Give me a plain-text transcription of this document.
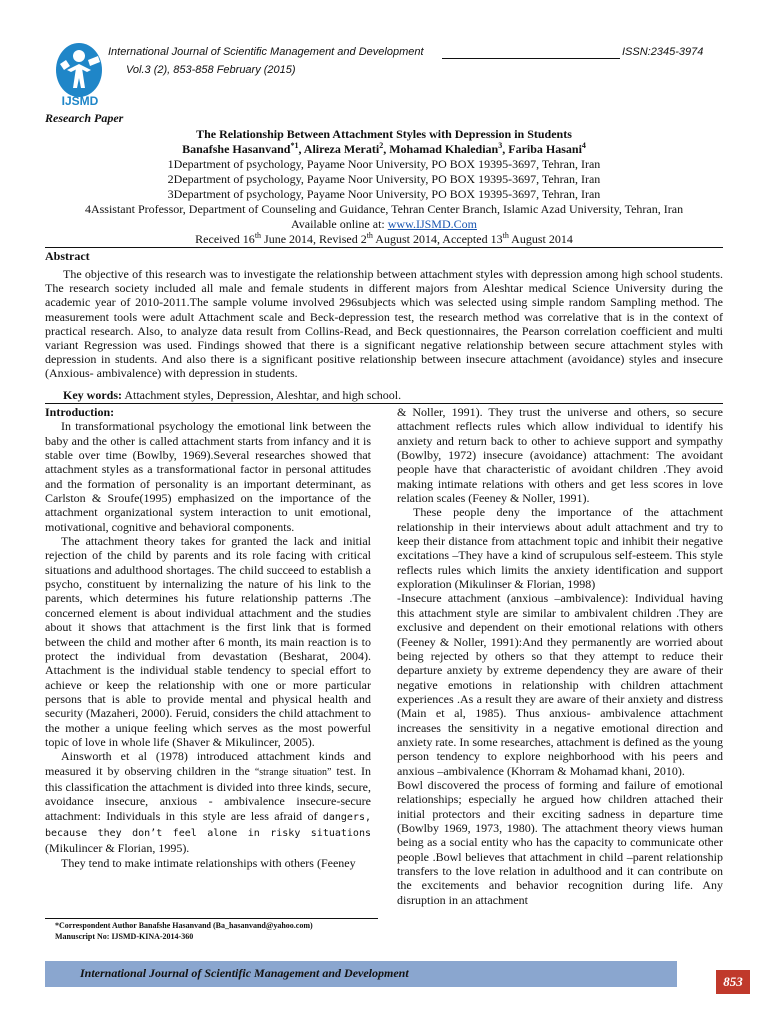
IJSMD
International Journal of Scientific Management and Development	ISSN:2345-3974
Vol.3 (2), 853-858 February (2015)
Research Paper
The Relationship Between Attachment Styles with Depression in Students
Banafshe Hasanvand$^{*1}$, Alireza Merati$^2$, Mohamad Khaledian$^3$, Fariba Hasani$^4$
1Department of psychology, Payame Noor University, PO BOX 19395-3697, Tehran, Iran
2Department of psychology, Payame Noor University, PO BOX 19395-3697, Tehran, Iran
3Department of psychology, Payame Noor University, PO BOX 19395-3697, Tehran, Iran
4Assistant Professor, Department of Counseling and Guidance, Tehran Center Branch, Islamic Azad University, Tehran, Iran
Available online at: www.IJSMD.Com
Received 16th June 2014, Revised 2th August 2014, Accepted 13th August 2014
Abstract
The objective of this research was to investigate the relationship between attachment styles with depression among high school students. The research society included all male and female students in different majors from Aleshtar medical Science University during the academic year of 2010-2011.The sample volume involved 296subjects which was selected using simple random Sampling method. The measurement tools were adult Attachment scale and Beck-depression test, the research method was correlative that is in the context of practical research. Also, to analyze data result from Collins-Read, and Beck questionnaires, the Pearson correlation coefficient and multi variant Regression was used. Findings showed that there is a significant negative relationship between secure attachment styles with depression in students. And also there is a significant positive relationship between insecure attachment (avoidance) styles and insecure (Anxious- ambivalence) with depression in students.
Key words: Attachment styles, Depression, Aleshtar, and high school.

Introduction:

In transformational psychology the emotional link between the baby and the other is called attachment starts from infancy and it is stable over time (Bowlby, 1969).Several researches showed that attachment styles as a transformational factor in personal attitudes and the formation of personality is an important determinant, as Carlston & Sroufe(1995) emphasized on the importance of the attachment organizational system interaction to unit emotional, motivational, cognitive and behavioral components.

The attachment theory takes for granted the lack and initial rejection of the child by parents and its role facing with critical situations and adulthood shortages. The child succeed to establish a psycho, constituent by internalizing the nature of his link to the parents, which determines his future relationship patterns .The concerned element is about individual attachment and the studies about it shows that attachment is the first link that is formed between the child and mother after 6 month, its main reaction is to protect the individual from devastation (Besharat, 2004). Attachment is the individual stable tendency to special effort to achieve or keep the relationship with one or more particular persons that is able to provide mental and physical health and security (Mazaheri, 2000). Feruid, considers the child attachment to the mother a unique feeling which serves as the most powerful topic of love in whole life (Shaver & Mikulincer, 2005).

Ainsworth et al (1978) introduced attachment kinds and measured it by observing children in the “strange situation” test. In this classification the attachment is divided into three kinds, secure, avoidance insecure, anxious - ambivalence insecure-secure attachment: Individuals in this style are less afraid of dangers, because they don’t feel alone in risky situations (Mikulincer & Florian, 1995).

They tend to make intimate relationships with others (Feeney

& Noller, 1991). They trust the universe and others, so secure attachment reflects rules which allow individual to identify his anxiety and return back to other to achieve support and sympathy (Bowlby, 1972) insecure (avoidance) attachment: The avoidant people have that characteristic of avoidant children .They avoid making intimate relations with others and get less scores in love relation scales (Feeney & Noller, 1991).

These people deny the importance of the attachment relationship in their interviews about adult attachment and try to keep their distance from attachment topic and inhibit their negative excitations –They have a kind of scrupulous self-esteem. This style reflects rules which limits the anxiety identification and support exploration (Mikulinser & Florian, 1998)

-Insecure attachment (anxious –ambivalence): Individual having this attachment style are similar to ambivalent children .They are exclusive and dependent on their emotional relations with others (Feeney & Noller, 1991):And they permanently are worried about being rejected by others so that they attempt to reduce their departure anxiety by extreme dependency they are aware of their negative emotions in relationship with children attachment experiences .As a result they are aware of their anxiety and distress (Main et al, 1985). Thus anxious- ambivalence attachment increases the sensitivity in a negative emotional direction and anxiety rate. In some researches, attachment is defined as the young person tendency to explore neighborhood with his peers and anxious –ambivalence (Khorram & Mohamad khani, 2010).

Bowl discovered the process of forming and failure of emotional relationships; especially he argued how children attached their initial protectors and their exciting sadness in departure time (Bowlby 1969, 1973, 1980). The attachment theory views human being as a social entity who has the capacity to communicate other people .Bowl believes that attachment in child –parent relationship transfers to the love relation in adulthood and it can contribute on the excitements and behavior recognition during life. Any disruption in an attachment

*Correspondent Author Banafshe Hasanvand (Ba_hasanvand@yahoo.com)
Manuscript No: IJSMD-KINA-2014-360
International Journal of Scientific Management and Development
853
